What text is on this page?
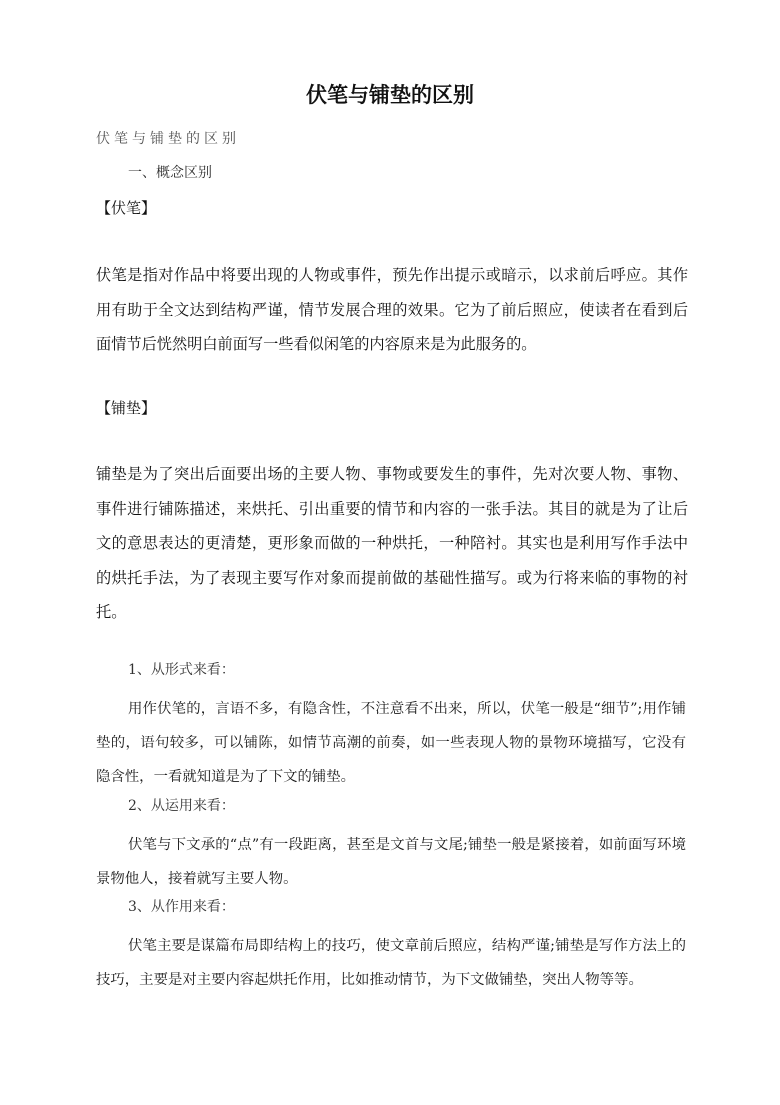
伏笔与铺垫的区别

伏笔与铺垫的区别

一、概念区别

【伏笔】

伏笔是指对作品中将要出现的人物或事件，预先作出提示或暗示，以求前后呼应。其作用有助于全文达到结构严谨，情节发展合理的效果。它为了前后照应，使读者在看到后面情节后恍然明白前面写一些看似闲笔的内容原来是为此服务的。

【铺垫】

铺垫是为了突出后面要出场的主要人物、事物或要发生的事件，先对次要人物、事物、事件进行铺陈描述，来烘托、引出重要的情节和内容的一张手法。其目的就是为了让后文的意思表达的更清楚，更形象而做的一种烘托，一种陪衬。其实也是利用写作手法中的烘托手法，为了表现主要写作对象而提前做的基础性描写。或为行将来临的事物的衬托。

1、从形式来看：

用作伏笔的，言语不多，有隐含性，不注意看不出来，所以，伏笔一般是“细节”;用作铺垫的，语句较多，可以铺陈，如情节高潮的前奏，如一些表现人物的景物环境描写，它没有隐含性，一看就知道是为了下文的铺垫。

2、从运用来看：

伏笔与下文承的“点”有一段距离，甚至是文首与文尾;铺垫一般是紧接着，如前面写环境景物他人，接着就写主要人物。

3、从作用来看：

伏笔主要是谋篇布局即结构上的技巧，使文章前后照应，结构严谨;铺垫是写作方法上的技巧，主要是对主要内容起烘托作用，比如推动情节，为下文做铺垫，突出人物等等。
